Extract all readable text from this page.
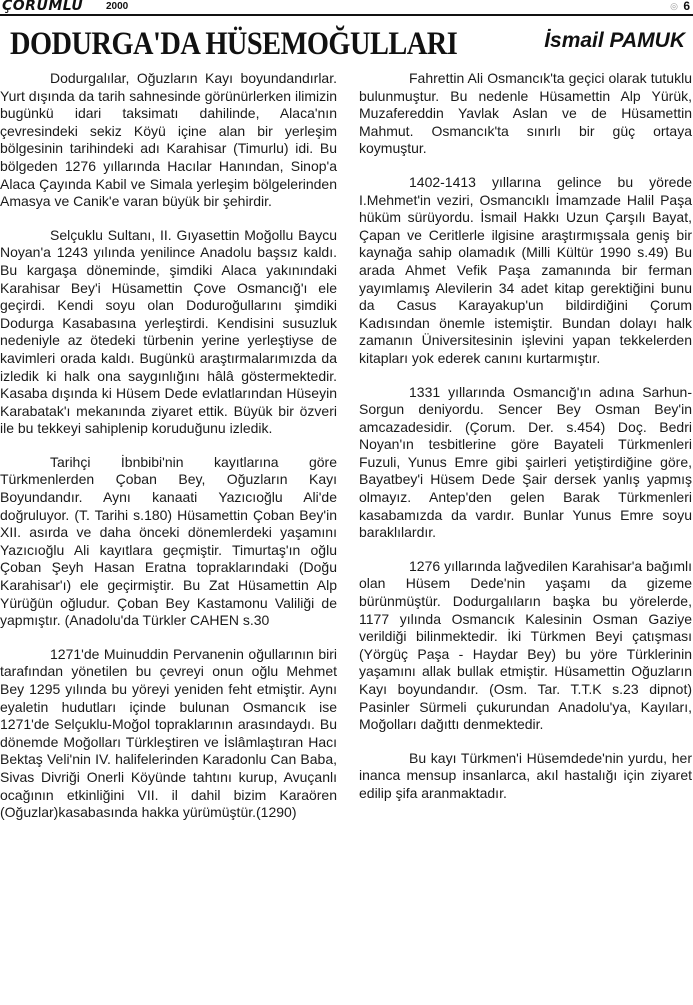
ÇORUMLU 2000	◎ 6
DODURGA'DA HÜSEMOĞULLARI	İsmail PAMUK

Dodurgalılar, Oğuzların Kayı boyundandırlar. Yurt dışında da tarih sahnesinde görünürlerken ilimizin bugünkü idari taksimatı dahilinde, Alaca'nın çevresindeki sekiz Köyü içine alan bir yerleşim bölgesinin tarihindeki adı Karahisar (Timurlu) idi. Bu bölgeden 1276 yıllarında Hacılar Hanından, Sinop'a Alaca Çayında Kabil ve Simala yerleşim bölgelerinden Amasya ve Canik'e varan büyük bir şehirdir.

Selçuklu Sultanı, II. Gıyasettin Moğollu Baycu Noyan'a 1243 yılında yenilince Anadolu başsız kaldı. Bu kargaşa döneminde, şimdiki Alaca yakınındaki Karahisar Bey'i Hüsamettin Çove Osmancığ'ı ele geçirdi. Kendi soyu olan Doduroğullarını şimdiki Dodurga Kasabasına yerleştirdi. Kendisini susuzluk nedeniyle az ötedeki türbenin yerine yerleştiyse de kavimleri orada kaldı. Bugünkü araştırmalarımızda da izledik ki halk ona saygınlığını hâlâ göstermektedir. Kasaba dışında ki Hüsem Dede evlatlarından Hüseyin Karabatak'ı mekanında ziyaret ettik. Büyük bir özveri ile bu tekkeyi sahiplenip koruduğunu izledik.

Tarihçi İbnbibi'nin kayıtlarına göre Türkmenlerden Çoban Bey, Oğuzların Kayı Boyundandır. Aynı kanaati Yazıcıoğlu Ali'de doğruluyor. (T. Tarihi s.180) Hüsamettin Çoban Bey'in XII. asırda ve daha önceki dönemlerdeki yaşamını Yazıcıoğlu Ali kayıtlara geçmiştir. Timurtaş'ın oğlu Çoban Şeyh Hasan Eratna topraklarındaki (Doğu Karahisar'ı) ele geçirmiştir. Bu Zat Hüsamettin Alp Yürüğün oğludur. Çoban Bey Kastamonu Valiliği de yapmıştır. (Anadolu'da Türkler CAHEN s.30

1271'de Muinuddin Pervanenin oğullarının biri tarafından yönetilen bu çevreyi onun oğlu Mehmet Bey 1295 yılında bu yöreyi yeniden feht etmiştir. Aynı eyaletin hudutları içinde bulunan Osmancık ise 1271'de Selçuklu-Moğol topraklarının arasındaydı. Bu dönemde Moğolları Türkleştiren ve İslâmlaştıran Hacı Bektaş Veli'nin IV. halifelerinden Karadonlu Can Baba, Sivas Divriği Onerli Köyünde tahtını kurup, Avuçanlı ocağının etkinliğini VII. il dahil bizim Karaören (Oğuzlar)kasabasında hakka yürümüştür.(1290)

Fahrettin Ali Osmancık'ta geçici olarak tutuklu bulunmuştur. Bu nedenle Hüsamettin Alp Yürük, Muzafereddin Yavlak Aslan ve de Hüsamettin Mahmut. Osmancık'ta sınırlı bir güç ortaya koymuştur.

1402-1413 yıllarına gelince bu yörede I.Mehmet'in veziri, Osmancıklı İmamzade Halil Paşa hüküm sürüyordu. İsmail Hakkı Uzun Çarşılı Bayat, Çapan ve Ceritlerle ilgisine araştırmışsala geniş bir kaynağa sahip olamadık (Milli Kültür 1990 s.49) Bu arada Ahmet Vefik Paşa zamanında bir ferman yayımlamış Alevilerin 34 adet kitap gerektiğini bunu da Casus Karayakup'un bildirdiğini Çorum Kadısından önemle istemiştir. Bundan dolayı halk zamanın Üniversitesinin işlevini yapan tekkelerden kitapları yok ederek canını kurtarmıştır.

1331 yıllarında Osmancığ'ın adına Sarhun-Sorgun deniyordu. Sencer Bey Osman Bey'in amcazadesidir. (Çorum. Der. s.454) Doç. Bedri Noyan'ın tesbitlerine göre Bayateli Türkmenleri Fuzuli, Yunus Emre gibi şairleri yetiştirdiğine göre, Bayatbey'i Hüsem Dede Şair dersek yanlış yapmış olmayız. Antep'den gelen Barak Türkmenleri kasabamızda da vardır. Bunlar Yunus Emre soyu baraklılardır.

1276 yıllarında lağvedilen Karahisar'a bağımlı olan Hüsem Dede'nin yaşamı da gizeme bürünmüştür. Dodurgalıların başka bu yörelerde, 1177 yılında Osmancık Kalesinin Osman Gaziye verildiği bilinmektedir. İki Türkmen Beyi çatışması (Yörgüç Paşa - Haydar Bey) bu yöre Türklerinin yaşamını allak bullak etmiştir. Hüsamettin Oğuzların Kayı boyundandır. (Osm. Tar. T.T.K s.23 dipnot) Pasinler Sürmeli çukurundan Anadolu'ya, Kayıları, Moğolları dağıttı denmektedir.

Bu kayı Türkmen'i Hüsemdede'nin yurdu, her inanca mensup insanlarca, akıl hastalığı için ziyaret edilip şifa aranmaktadır.
